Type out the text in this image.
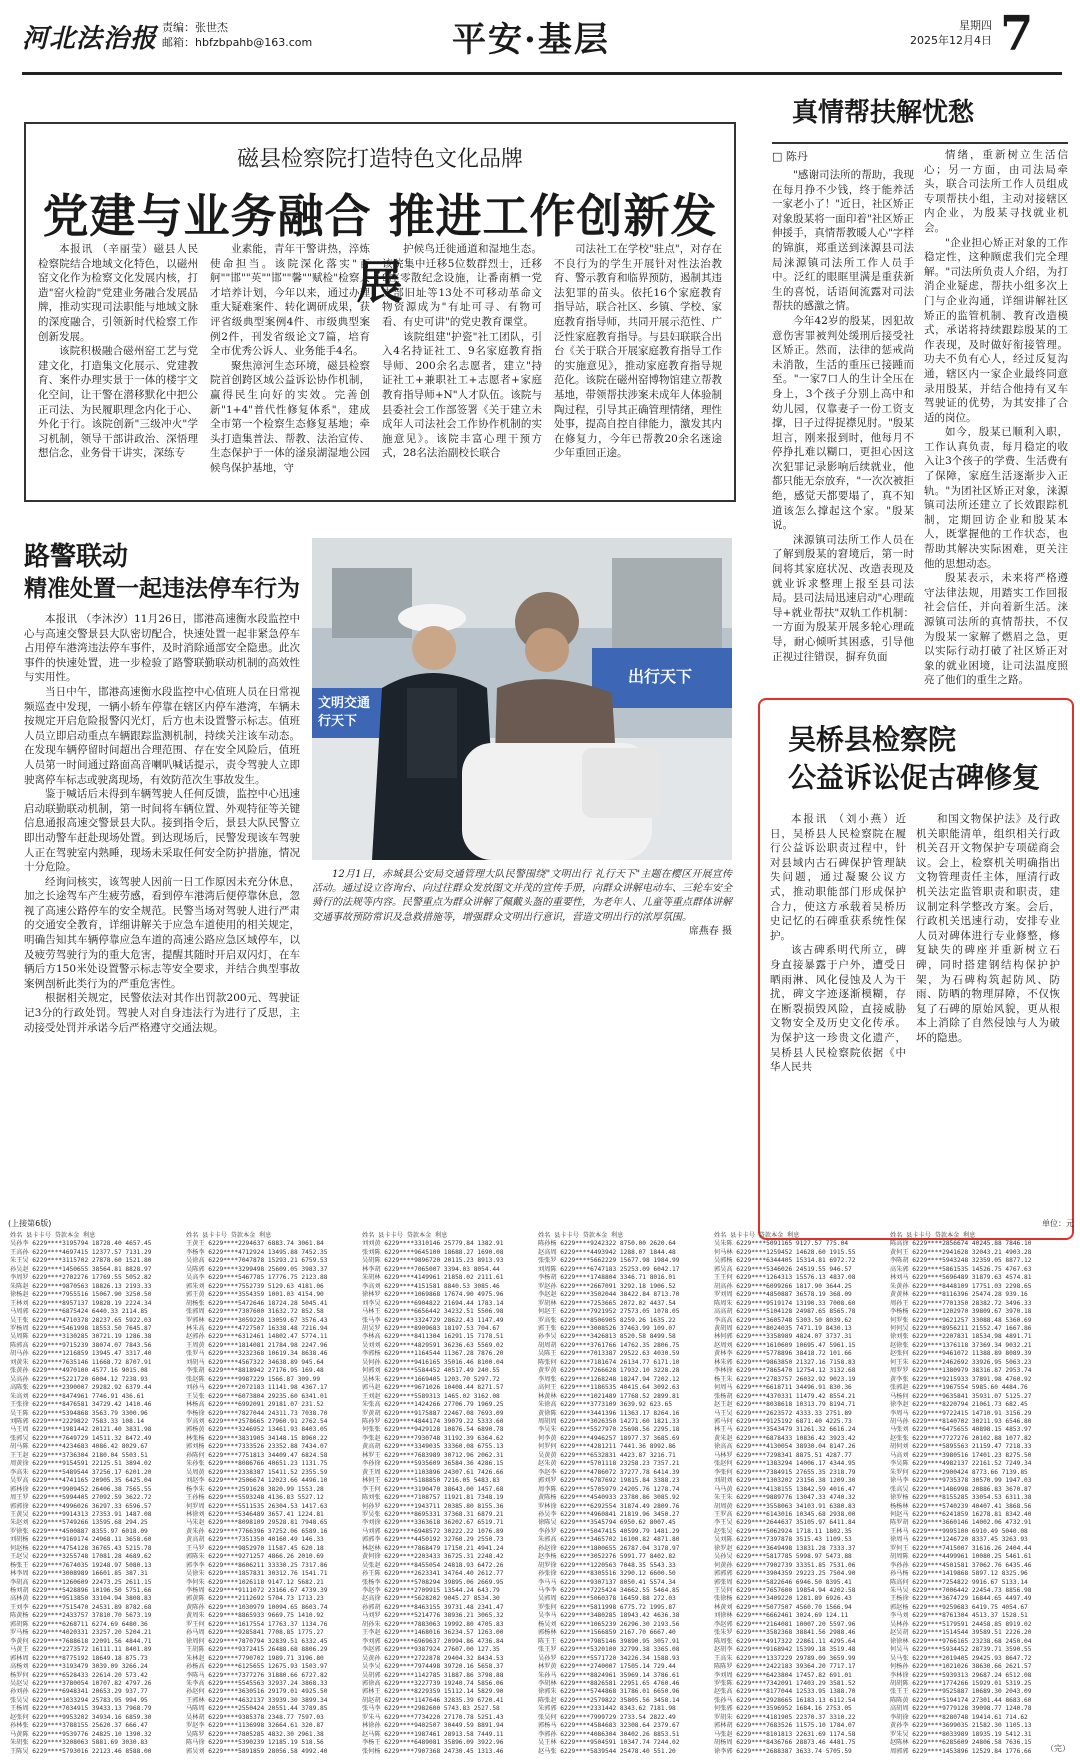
河北法治报 责编：张世杰
邮箱：hbfzbpahb@163.com	平安·基层	星期四
2025年12月4日 7
磁县检察院打造特色文化品牌
党建与业务融合 推进工作创新发展

本报讯 （辛丽莹）磁县人民检察院结合地域文化特色，以磁州窑文化作为检察文化发展内核，打造"窑火检韵"党建业务融合发展品牌，推动实现司法职能与地域文脉的深度融合，引领新时代检察工作创新发展。

该院积极融合磁州窑工艺与党建文化，打造集文化展示、党建教育、案件办理实景于一体的楼宇文化空间，让干警在潜移默化中把公正司法、为民履职理念内化于心、外化于行。该院创新"三级冲火"学习机制，领导干部讲政治、深悟理想信念，业务骨干讲实，深练专

业素能，青年干警讲热，淬炼使命担当。该院深化落实"百舸""邯""英""邯""馨""赋检"检察人才培养计划，今年以来，通过办理重大疑难案件、转化调研成果，获评省级典型案例4件、市级典型案例2件，刊发省级论文7篇，培育全市优秀公诉人、业务能手4名。

聚焦漳河生态环境，磁县检察院首创跨区域公益诉讼协作机制，赢得民生向好的实效。完善创新"1+4"普代性修复体系"，建成全市第一个检察生态修复基地；牵头打造集普法、帮教、法治宣传、生态保护于一体的滏泉湖湿地公园候鸟保护基地，守

护候鸟迁徙通道和湿地生态。该院集中迁移5位数群烈士，迁移9座零散纪念设施，让番南栖一党支部旧址等13处不可移动革命文物资源成为"有址可寻、有物可看、有史可讲"的党史教育课堂。

该院组建"护瓷"社工团队，引入4名持证社工、9名家庭教育指导师、200余名志愿者，建立"持证社工+兼职社工+志愿者+家庭教育指导师+N"人才队伍。该院与县委社会工作部签署《关于建立未成年人司法社会工作协作机制的实施意见》。该院丰富心理干预方式，28名法治副校长联合

司法社工在学校"驻点"，对存在不良行为的学生开展针对性法治教育、警示教育和临界预防，遏制其违法犯罪的苗头。依托16个家庭教育指导站，联合社区、乡镇、学校、家庭教育指导师，共同开展示范性、广泛性家庭教育指导。与县妇联联合出台《关于联合开展家庭教育指导工作的实施意见》，推动家庭教育指导规范化。该院在磁州窑博物馆建立帮教基地，带领帮扶涉案未成年人体验制陶过程，引导其正确管理情绪，理性处事，提高自控自律能力，激发其内在修复力，今年已帮教20余名迷途少年重回正途。

真情帮扶解忧愁
□ 陈丹

"感谢司法所的帮助，我现在每月挣不少钱，终于能养活一家老小了！"近日，社区矫正对象殷某将一面印着"社区矫正伸援手，真情帮教暖人心"字样的锦旗，郑重送到涞源县司法局涞源镇司法所工作人员手中。泛红的眼眶里满是重获新生的喜悦，话语间流露对司法帮扶的感激之情。

今年42岁的殷某，因犯故意伤害罪被判处缓刑后接受社区矫正。然而，法律的惩戒尚未消散，生活的重压已接踵而至。"一家7口人的生计全压在身上，3个孩子分别上高中和幼儿园，仅靠妻子一份工资支撑，日子过得捉襟见肘。"殷某坦言，刚来报到时，他每月不停挣扎难以糊口，更担心因这次犯罪记录影响后续就业，他都只能无奈放弃，"一次次被拒绝，感觉天都要塌了，真不知道该怎么撑起这个家。"殷某说。

涞源镇司法所工作人员在了解到殷某的窘境后，第一时间将其家庭状况、改造表现及就业诉求整理上报至县司法局。县司法局迅速启动"心理疏导+就业帮扶"双轨工作机制：一方面为殷某开展多轮心理疏导，耐心倾听其困惑，引导他正视过往错误，摒弃负面

情绪，重新树立生活信心；另一方面，由司法局牵头，联合司法所工作人员组成专项帮扶小组，主动对接辖区内企业，为殷某寻找就业机会。

"企业担心矫正对象的工作稳定性，这种顾虑我们完全理解。"司法所负责人介绍，为打消企业疑虑，帮扶小组多次上门与企业沟通，详细讲解社区矫正的监管机制、教育改造模式，承诺将持续跟踪殷某的工作表现，及时做好衔接管理。功夫不负有心人，经过反复沟通，辖区内一家企业最终同意录用殷某，并结合他持有叉车驾驶证的优势，为其安排了合适的岗位。

如今，殷某已顺利入职，工作认真负责，每月稳定的收入让3个孩子的学费、生活费有了保障，家庭生活逐渐步入正轨。"为团社区矫正对象，涞源镇司法所还建立了长效跟踪机制，定期回访企业和殷某本人，既掌握他的工作状态，也帮助其解决实际困难，更关注他的思想动态。

殷某表示，未来将严格遵守法律法规，用踏实工作回报社会信任，并向着新生活。涞源镇司法所的真情帮扶，不仅为殷某一家解了燃眉之急，更以实际行动打破了社区矫正对象的就业困境，让司法温度照亮了他们的重生之路。

路警联动
精准处置一起违法停车行为

本报讯 （李沐汐）11月26日，邯港高速衡水段监控中心与高速交警景县大队密切配合，快速处置一起非紧急停车占用停车港湾违法停车事件，及时消除通部安全隐患。此次事件的快速处置，进一步检验了路警联勤联动机制的高效性与实用性。

当日中午，邯港高速衡水段监控中心值班人员在日常视频巡查中发现，一辆小轿车停靠在辖区内停车港湾，车辆未按规定开启危险报警闪光灯，后方也未设置警示标志。值班人员立即启动重点车辆跟踪监测机制，持续关注该车动态。在发现车辆停留时间超出合理范围、存在安全风险后，值班人员第一时间通过路面高音喇叭喊话提示，责令驾驶人立即驶离停车标志或驶离现场，有效防范次生事故发生。

鉴于喊话后未得到车辆驾驶人任何反馈，监控中心迅速启动联勤联动机制，第一时间将车辆位置、外观特征等关键信息通报高速交警景县大队。接到指令后，景县大队民警立即出动警车赶赴现场处置。到达现场后，民警发现该车驾驶人正在驾驶室内熟睡，现场未采取任何安全防护措施，情况十分危险。

经询问核实，该驾驶人因前一日工作原因未充分休息，加之长途驾车产生疲劳感，看到停车港湾后便停靠休息，忽视了高速公路停车的安全规范。民警当场对驾驶人进行严肃的交通安全教育，详细讲解关于应急车道使用的相关规定，明确告知其车辆停靠应急车道的高速公路应急区域停车，以及疲劳驾驶行为的重大危害，提醒其随时开启双闪灯，在车辆后方150米处设置警示标志等安全要求，并结合典型事故案例剖析此类行为的严重危害性。

根据相关规定，民警依法对其作出罚款200元、驾驶证记3分的行政处罚。驾驶人对自身违法行为进行了反思，主动接受处罚并承诺今后严格遵守交通法规。

文明交通
行天下
出行天下

12月1日，赤城县公安局交通管理大队民警围绕"文明出行 礼行天下"主题在樱区开展宣传活动。通过设立咨询台、向过往群众发放图文并茂的宣传手册，向群众讲解电动车、三轮车安全骑行的法规等内容。民警重点为群众讲解了佩戴头盔的重要性，为老年人、儿童等重点群体讲解交通事故预防常识及急救措施等，增强群众文明出行意识，营造文明出行的浓厚氛围。

席燕春 摄
吴桥县检察院
公益诉讼促古碑修复

本报讯 （刘小燕）近日，吴桥县人民检察院在履行公益诉讼职责过程中，针对县域内古石碑保护管理缺失问题，通过凝聚公议方式，推动职能部门形成保护合力，使这方承载着吴桥历史记忆的石碑重获系统性保护。

该古碑系明代所立，碑身直接暴露于户外，遭受日晒雨淋、风化侵蚀及人为干扰，碑文字迹逐渐模糊，存在断裂损毁风险，直接威胁文物安全及历史文化传承。为保护这一珍贵文化遗产，吴桥县人民检察院依据《中华人民共

和国文物保护法》及行政机关职能清单，组织相关行政机关召开文物保护专项磋商会议。会上，检察机关明确指出文物管理责任主体，厘清行政机关法定监管职责和职责，建议制定科学整改方案。会后，行政机关迅速行动，安排专业人员对碑体进行专业修整，修复缺失的碑座并重新树立石碑，同时搭建钢结构保护护架，为石碑构筑起防风、防雨、防晒的物理屏障，不仅恢复了石碑的原始风貌，更从根本上消除了自然侵蚀与人为破坏的隐患。

(上接第6版)	单位：元
（完）
姓名 县卡卡号 贷款本金 利息
吴孙李 6229****3195794 18728.40 4657.45
王高孙 6229****4697415 12377.57 7131.29
朱王吴 6229****3115702 27878.60 1521.80
孙吴赵 6229****1450655 38564.81 8828.97
李周罗 6229****2702276 17769.55 5052.82
朱陈赵 6229****9870563 18826.13 2193.33
徐杨赵 6229****7955516 15067.90 3250.50
王林刘 6229****8957137 19828.19 2224.34
马周郭 6229****6875424 6440.33 2114.85
吴王张 6229****4710378 28237.65 5922.03
罗杨周 6229****5461998 18553.50 7645.87
吴周陈 6229****3130285 30721.19 1286.38
陈郭高 6229****9715239 38074.07 7843.56
胡马孙 6229****1216859 13945.47 3317.40
刘黄朱 6229****7635146 11668.72 8707.91
张黄孙 6229****4970100 4577.16 9015.08
吴高孙 6229****5221720 6004.12 7238.93
高陈张 6229****2390007 29282.92 6379.44
朱高刘 6229****8474961 7746.91 436.61
王张徐 6229****8476581 34729.42 1410.46
吴王陈 6229****5394868 3563.79 3300.96
刘陈郭 6229****2229822 7583.33 108.14
马王周 6229****1981442 20121.40 3831.98
张郭吴 6229****7649729 14511.32 8472.49
胡马陈 6229****4234683 4086.42 8029.67
王王赵 6229****3736304 2180.04 5503.51
周黄徐 6229****9154591 22125.51 3894.02
李高朱 6229****5489544 37256.17 6201.20
吴罗高 6229****4741165 20905.35 6425.04
郭林徐 6229****9909452 26406.38 7565.55
周王罗 6229****5994405 27092.59 3622.72
郭郭徐 6229****4996026 36297.33 6596.57
王黄吴 6229****9914313 27353.91 1487.08
朱赵刘 6229****5749266 13595.68 294.25
罗徐张 6229****4500887 8355.97 6018.09
刘胡杨 6229****9169174 24968.11 3658.60
何赵杨 6229****4754128 36765.43 5215.78
王赵吴 6229****3255748 17081.28 4689.62
杨张王 6229****7674035 19248.97 5080.13
林李周 6229****3008989 16601.85 387.31
李胡高 6229****1260609 22473.25 2611.15
杨刘胡 6229****5428896 10196.50 5751.66
高林黄 6229****9513850 33104.94 3808.83
王刘李 6229****7515470 24531.89 8782.68
陈黄杨 6229****2433757 37810.70 5673.19
郭胡陈 6229****6268711 6274.69 6480.36
罗马杨 6229****4020331 23257.20 5204.21
李黄何 6229****7688618 22091.56 4844.71
马黄王 6229****2273572 16111.11 8401.89
郭林周 6229****8775192 18649.18 875.73
高杨刘 6229****3193479 3039.09 3266.24
杨罗何 6229****6528433 22614.20 573.42
吴赵吴 6229****3780054 10707.82 4797.26
孙刘孙 6229****6948341 20653.29 937.77
张吴吴 6229****1033294 25783.95 994.95
王杨周 6229****7034915 39433.13 7968.79
赵张何 6229****9953202 34934.16 6859.30
孙林张 6229****3788155 25620.37 666.47
马黄陈 6229****9539776 24825.10 1390.32
朱胡张 6229****3208063 5881.69 3030.83
王陈吴 6229****5793016 22123.46 8588.00

姓名 县卡卡号 贷款本金 利息
王黄王 6229****2294637 6883.74 3061.84
李杨李 6229****4712924 13495.88 7452.35
吴徐高 6229****7047878 15293.21 6759.53
吴陈郭 6229****3299498 25609.05 3983.37
吴高李 6229****5467785 17776.75 2123.88
郭朱刘 6229****7552739 5129.63 4181.06
郭王黄 6229****3554359 1001.03 4154.90
胡杨张 6229****5472646 18724.28 5045.41
张郭周 6229****7307600 31632.72 852.58
罗郭林 6229****3059220 13059.67 3576.43
林朱高 6229****4727507 16338.48 7216.94
赵郭孙 6229****6312461 14802.47 5774.11
王周黄 6229****1814081 21784.98 2247.96
张罗马 6229****3232368 10619.34 8638.46
刘胡马 6229****4567322 34638.89 945.64
李张胡 6229****8818942 27176.95 169.48
张赵陈 6229****9987229 1566.87 309.99
刘孙马 6229****2072183 11141.98 4367.17
王吴张 6229****6073804 29235.60 6341.01
林杨高 6229****6992091 29181.07 231.52
李杨徐 6229****7827044 24311.73 7038.70
罗高刘 6229****2578665 27960.91 2762.54
郭杨黄 6229****3246952 13461.93 8403.05
林张杨 6229****3831905 34148.15 8960.22
郭刘杨 6229****7333526 23352.88 7434.07
孙陈何 6229****7751813 34409.47 6824.58
朱孙张 6229****8086766 40651.23 1131.75
吴周黄 6229****2338387 15411.52 2355.59
刘赵李 6229****2506674 12023.66 4496.10
杨李朱 6229****2591628 3820.99 1553.28
王孙杨 6229****5593248 4136.83 5527.12
何罗周 6229****5511535 26304.53 1417.63
林徐刘 6229****5346489 3657.41 1224.81
马朱赵 6229****8098109 29528.81 7948.65
黄朱孙 6229****7766396 37252.06 6589.16
黄高胡 6229****7351350 40160.49 146.33
王马罗 6229****9852970 11587.45 620.18
郭陈朱 6229****9271257 4866.26 2010.69
郭李李 6229****8606211 33330.25 7317.86
吴徐朱 6229****1857831 30312.76 1541.71
李何朱 6229****1026118 9147.12 5682.21
李杨周 6229****9111072 23166.67 4739.39
郭黄陈 6229****2112692 5704.73 1713.23
黄陈孙 6229****1030979 10094.65 8603.74
黄周朱 6229****8865933 9669.75 1410.92
罗王何 6229****1617554 17763.37 1134.76
孙马周 6229****9285841 7708.85 1775.27
徐周何 6229****7870794 32839.51 6332.45
王胡陈 6229****9372415 26488.68 8806.29
朱林赵 6229****7790702 1989.71 3196.80
孙杨高 6229****6125655 12675.93 1503.97
李陈马 6229****7377276 31880.66 6727.82
朱李高 6229****5545563 32937.24 3868.33
孙赵何 6229****3630516 29179.01 4925.50
王郭林 6229****4632137 33939.30 3899.34
马陈周 6229****2550424 20551.44 3789.85
吴林胡 6229****9385378 2348.77 7597.03
罗赵李 6229****1136998 32664.61 320.87
吴陈罗 6229****7805285 4832.30 2961.38
陈马徐 6229****5390239 12185.19 518.56
郭吴刘 6229****5891859 28056.58 4992.40

姓名 县卡卡号 贷款本金 利息
刘刘黄 6229****3310146 25779.84 1382.91
张刘陈 6229****9645100 18688.27 1690.08
吴胡陈 6229****9896720 20115.23 8913.93
林李胡 6229****7065007 3394.03 8054.44
朱胡林 6229****4149961 21858.02 2111.61
李高刘 6229****4151581 8840.53 3085.46
徐林罗 6229****1069868 17674.90 4975.96
刘李吴 6229****6904822 21694.44 1783.14
马林王 6229****6656442 34232.51 5506.98
张马李 6229****3324729 28622.43 1147.49
胡吴罗 6229****8909683 18197.53 704.67
李林高 6229****8411304 16291.15 7178.51
吴刘刘 6229****4829591 36236.63 5569.02
李郭杨 6229****1164544 11367.28 7876.20
吴何孙 6229****9416165 35016.46 8100.04
何郭刘 6229****5584452 40517.49 240.55
吴林朱 6229****1669405 1203.70 5297.72
郭马赵 6229****9671026 10408.44 8271.57
王刘赵 6229****5589313 1465.02 3162.08
朱张高 6229****1424266 27706.79 1969.25
罗黄胡 6229****9175887 22467.08 7693.09
陈孙罗 6229****4844174 39079.22 5333.60
何张张 6229****9429128 10876.54 6890.78
李张赵 6229****7930748 31192.39 6364.62
黄高胡 6229****3349035 33360.08 6755.13
林罗王 6229****7683989 30712.96 2062.31
李孙徐 6229****5935609 36584.36 4286.15
黄王周 6229****1103896 24307.61 7426.66
林何王 6229****5188850 7216.05 5483.83
李王何 6229****3190470 38643.00 1457.68
陈刘张 6229****7108757 11921.81 7348.19
何孙罗 6229****1943711 20385.80 8155.36
罗吴张 6229****8695331 37368.31 6879.21
李刘徐 6229****3363618 36202.67 6519.71
马刘郭 6229****6948572 30222.22 1076.89
郭郭李 6229****4450192 32760.29 2550.73
林赵林 6229****7868479 17150.21 4941.24
黄何徐 6229****2203433 36725.31 2248.42
吴张赵 6229****8455054 24818.93 6472.26
孙王陈 6229****2623341 34764.40 2612.77
张杨李 6229****5708294 39895.06 2669.95
李赵李 6229****2709915 13544.24 643.79
赵高徐 6229****5628202 9045.27 8534.30
孙郭胡 6229****8463155 39731.48 2341.47
马刘罗 6229****5214776 38936.21 3065.32
胡孙朱 6229****7883063 19992.80 4705.83
王李赵 6229****1468016 36234.57 1263.00
李刘郭 6229****6969637 20994.86 4736.84
李赵郭 6229****9387924 27607.00 127.35
吴黄孙 6229****2722878 29404.32 8434.53
吴李吴 6229****7974498 39720.16 5658.37
吴胡郭 6229****1142785 31887.86 3798.88
郭徐高 6229****3227739 19240.74 5856.06
郭林王 6229****8229359 15112.14 5829.90
胡赵胡 6229****1147646 32835.39 6720.41
张马李 6229****2982600 5743.83 2527.58
罗朱马 6229****7734220 27170.78 5251.43
林徐孙 6229****9402507 30449.59 8891.94
赵马陈 6229****1987461 28913.58 7449.11
李杨王 6229****6489081 35896.09 3922.96
张何杨 6229****7907368 24730.45 1313.46

姓名 县卡卡号 贷款本金 利息
陈孙杨 6229****9242322 8750.00 2620.64
赵高周 6229****4493942 1288.07 1844.48
张张罗 6229****5662229 15677.98 1984.99
刘周陈 6229****6747183 25253.09 6042.17
李杨胡 6229****1748804 3346.71 8016.01
罗赵孙 6229****2667091 3292.18 1906.52
李赵赵 6229****3502044 38422.84 8713.70
罗胡林 6229****7253665 2072.02 4437.54
何赵王 6229****7921952 27573.05 1078.05
罗高张 6229****8506905 8259.26 1635.22
郭王张 6229****3008526 37463.99 109.07
孙李吴 6229****3426813 8520.58 8499.58
胡周胡 6229****3761766 14762.35 2806.75
吴陈王 6229****7013387 29522.63 4030.59
陈张何 6229****7181674 26134.77 6171.10
黄罗黄 6229****7266628 17932.10 3228.28
李周张 6229****1268248 18247.94 7202.12
高何王 6229****1186535 40415.64 3092.63
林黄林 6229****1021489 17768.52 2899.81
朱徐高 6229****3773109 3639.92 623.65
黄徐陈 6229****3441396 11363.17 8264.16
周胡周 6229****3026350 14271.60 1821.33
李吴朱 6229****5527970 25698.56 2295.18
何李黄 6229****4946257 18977.37 3685.69
何罗何 6229****4281211 7441.36 8992.86
吴黄黄 6229****6532831 4423.87 3216.71
赵朱黄 6229****5701118 23258.23 7357.21
李赵李 6229****4786072 37277.78 6414.39
郭刘罗 6229****6787692 19815.84 3388.23
周李陈 6229****5705979 24205.76 1278.74
黄陈杨 6229****4540933 23780.86 3085.92
罗林徐 6229****6292554 31874.49 2809.76
孙吴李 6229****4960841 21819.96 3450.27
徐陈吴 6229****3545794 6950.62 8007.45
李孙罗 6229****5047415 40599.79 1481.29
朱郭高 6229****3465702 16100.82 4871.80
孙赵徐 6229****1800655 26787.04 3178.97
赵李杨 6229****3052276 5991.77 8402.82
胡罗徐 6229****1220563 7048.35 5543.33
孙张徐 6229****8305516 3290.12 6600.50
李马马 6229****9307137 8050.41 5574.34
马李李 6229****7225424 34662.55 5464.85
吴郭周 6229****5060378 16459.88 272.03
罗张何 6229****5811998 6775.72 1995.87
吴李马 6229****3480285 18943.42 4636.38
杨吴刘 6229****1065239 26296.30 2193.56
郭杨林 6229****1566859 2167.70 6667.40
陈王王 6229****7985146 39890.95 3057.91
张王罗 6229****5320100 32799.38 3365.08
吴孙罗 6229****5571720 34226.34 1588.93
林罗黄 6229****2740007 17505.14 729.44
朱孙马 6229****8824961 35969.14 3786.61
李胡林 6229****8826581 22951.65 4760.46
徐郭朱 6229****5744868 31786.01 6650.96
陈张赵 6229****2579822 35805.56 3458.14
朱郭郭 6229****2331442 8343.62 7181.98
张吴何 6229****7999729 2733.54 2822.49
郭杨马 6229****4584683 32308.64 2379.67
李郭孙 6229****4086304 30402.26 8853.51
吴王林 6229****9504591 10347.74 7244.02
赵马张 6229****5839544 25478.40 551.20

姓名 县卡卡号 贷款本金 利息
吴朱陈 6229****5091165 9127.57 775.04
何马林 6229****1259452 14628.60 1915.55
吴郭杨 6229****6344405 15314.81 6972.72
郭吴高 6229****5346026 24519.55 946.57
王王何 6229****1264313 15576.13 4837.08
胡高孙 6229****6099266 1817.90 3644.25
罗刘周 6229****4850887 36578.19 368.09
陈周朱 6229****9519174 13190.33 7008.60
高高胡 6229****5104128 24987.65 8565.78
李高高 6229****3605748 5303.50 8039.62
黄胡周 6229****8024035 7471.19 8430.13
林何郭 6229****3358989 4824.07 3737.31
赵周刘 6229****1610609 10695.47 5961.15
黄林李 6229****5778896 38418.72 101.66
林朱郭 6229****9863850 21327.16 7158.83
李林徐 6229****7865470 12754.12 3132.68
杨王朱 6229****2783757 26032.92 9023.19
何周马 6229****6618711 34496.91 830.36
张杨胡 6229****4370331 11479.42 8554.21
赵王赵 6229****8038618 10313.79 8194.71
马王吴 6229****2623572 4333.33 2751.89
郭马何 6229****9125192 6871.40 4225.73
林王马 6229****3543479 31261.32 6616.24
黄朱赵 6229****6878433 10836.42 3923.42
徐高高 6229****4130054 38930.04 8147.26
马林罗 6229****7298341 8875.51 4287.77
张赵何 6229****1383294 14006.17 4344.95
李张何 6229****7384915 27655.35 2318.79
刘胡刘 6229****1303202 23156.38 1209.30
马马黄 6229****4138155 13842.59 4016.47
朱王朱 6229****9889776 13047.33 4740.32
胡周黄 6229****3558063 34103.91 6380.83
王罗高 6229****6143016 10345.68 2938.00
李王吴 6229****2644637 35105.97 6411.84
赵张吴 6229****5062924 1718.11 1802.35
吴刘陈 6229****7397878 3515.43 1109.53
徐罗赵 6229****3649498 13831.28 7333.37
吴孙吴 6229****5817785 5998.97 5473.88
何黄孙 6229****7902739 33351.85 7531.06
郭郭郭 6229****3904359 29223.25 7504.90
郭张周 6229****5822646 6946.50 8395.41
王吴何 6229****7657600 19854.94 4202.58
张徐杨 6229****3409220 1281.89 6926.43
林黄刘 6229****5077507 4560.70 1566.94
刘徐林 6229****6662461 3024.69 124.11
李赵郭 6229****2164081 10007.20 5597.96
张朱罗 6229****3582368 38841.56 2988.46
陈周张 6229****4917322 22861.11 4295.64
赵胡李 6229****9168942 15399.18 3519.48
王高朱 6229****1337229 29789.09 3659.99
陈陈罗 6229****2422183 39364.20 7717.17
李刘周 6229****6423804 17457.82 691.01
罗张陈 6229****7342091 17403.29 3581.52
赵张高 6229****8177044 12533.95 1388.70
张孙马 6229****2928665 16183.13 6112.54
何张郭 6229****3596952 1684.16 2753.05
罗胡朱 6229****4181905 22370.37 3310.22
郭林胡 6229****7683526 11575.10 1784.07
马张赵 6229****8101813 22631.69 1174.58
胡杨周 6229****8436766 28873.46 4481.75
徐李郭 6229****2688387 3633.74 5705.59

姓名 县卡卡号 贷款本金 利息
陈高徐 6229****2856674 40245.88 7846.10
黄何王 6229****2941628 32043.21 4903.28
李陈胡 6229****5943248 32359.05 8877.12
高朱郭 6229****5861535 14526.75 4767.63
林刘马 6229****5696489 31879.63 4574.81
朱黄孙 6229****8448109 17751.03 2298.65
黄黄林 6229****8116396 25474.28 939.16
周孙王 6229****7701350 28382.72 3496.33
李杨杨 6229****1202970 39809.67 3970.18
何罗张 6229****9621257 33088.48 5360.69
何何吴 6229****8956211 21552.47 1667.86
徐刘张 6229****2207831 18534.98 4891.71
赵徐张 6229****1376118 37369.34 9032.21
赵张何 6229****9461072 11388.89 8089.39
何王朱 6229****2462692 33926.95 5063.23
周罗罗 6229****1380979 38316.87 2953.74
黄李张 6229****9215933 37891.98 4760.92
张郭赵 6229****1967554 5985.60 4484.76
马杨何 6229****9635841 35931.07 5125.27
徐李赵 6229****8220794 21061.73 682.45
李周马 6229****9722415 14710.91 3156.29
胡马孙 6229****8140702 30211.93 6546.80
马张刘 6229****6475655 40898.15 4853.97
赵张张 6229****7727276 20102.88 1077.82
胡何刘 6229****5895563 21159.47 7218.33
马高刘 6229****3980516 17401.23 8275.50
李吴陈 6229****4982137 22161.52 7249.34
朱罗何 6229****2900424 8773.66 7139.85
徐马李 6229****9735378 30570.99 1947.03
张高吴 6229****1486998 20886.83 3670.87
徐罗杨 6229****8155285 33054.53 6311.38
杨杨林 6229****5740239 40407.41 3868.56
何赵马 6229****6241859 16278.81 8342.40
陈罗胡 6229****3660146 14002.06 4732.91
王林马 6229****9995100 6910.49 5040.08
徐周马 6229****1246720 8337.45 3263.93
罗何王 6229****7415007 31616.26 2404.44
胡周陈 6229****4499961 10080.25 5461.61
李孙孙 6229****4501581 37062.76 6435.46
孙马杨 6229****1419868 5897.12 8325.96
陈高何 6229****7254822 9916.67 5133.14
朱马吴 6229****7006442 22454.73 8856.98
王杨徐 6229****3674729 16844.65 4497.49
郭赵杨 6229****9259683 6419.75 4054.67
李马刘 6229****8761304 4513.37 1528.51
吴林孙 6229****5179591 24458.85 8919.02
赵吴胡 6229****1514544 39589.51 2226.20
徐徐林 6229****9766165 23238.68 2450.04
何吴马 6229****5934452 28739.71 3590.55
吴马张 6229****2019405 29425.93 8647.72
何杨孙 6229****1021026 38630.66 2621.57
李林徐 6229****5939313 29687.24 6512.08
胡胡陈 6229****1774266 15929.01 5319.25
张王王 6229****9525887 10689.30 2043.09
陈陈黄 6229****5194174 27301.44 8683.60
高胡周 6229****9779128 39098.77 1240.78
李胡徐 6229****8280748 19414.61 714.62
黄孙李 6229****3699035 21582.30 1105.13
罗朱吴 6229****8033989 18935.19 5412.31
赵陈林 6229****6285609 24806.58 7636.15
周郭郭 6229****1453896 12529.84 1776.66
